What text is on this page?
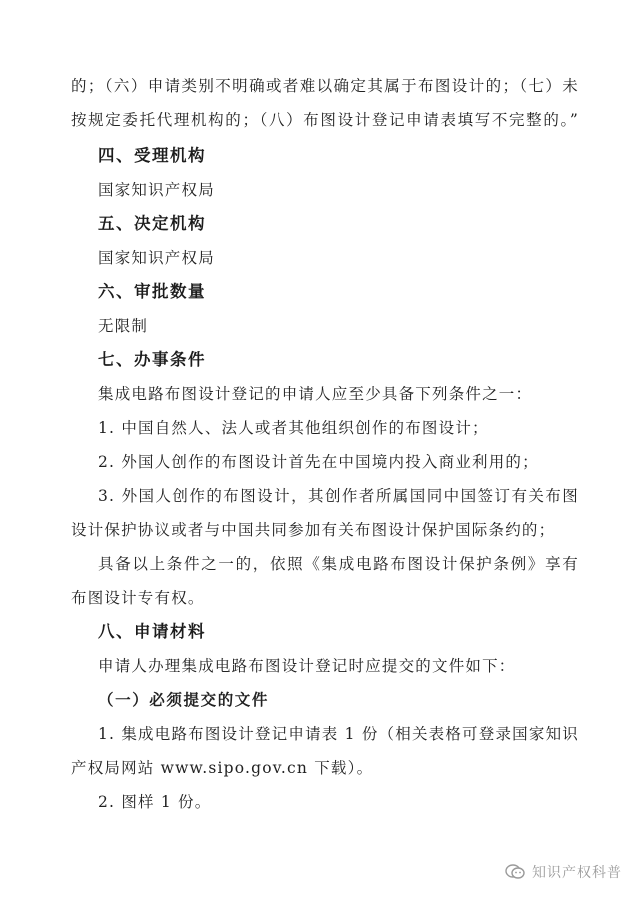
的；（六）申请类别不明确或者难以确定其属于布图设计的；（七）未
按规定委托代理机构的；（八）布图设计登记申请表填写不完整的。”
四、受理机构
国家知识产权局
五、决定机构
国家知识产权局
六、审批数量
无限制
七、办事条件
集成电路布图设计登记的申请人应至少具备下列条件之一：
1. 中国自然人、法人或者其他组织创作的布图设计；
2. 外国人创作的布图设计首先在中国境内投入商业利用的；
3. 外国人创作的布图设计，其创作者所属国同中国签订有关布图
设计保护协议或者与中国共同参加有关布图设计保护国际条约的；
具备以上条件之一的，依照《集成电路布图设计保护条例》享有
布图设计专有权。
八、申请材料
申请人办理集成电路布图设计登记时应提交的文件如下：
（一）必须提交的文件
1. 集成电路布图设计登记申请表 1 份（相关表格可登录国家知识
产权局网站 www.sipo.gov.cn 下载）。
2. 图样 1 份。
知识产权科普
